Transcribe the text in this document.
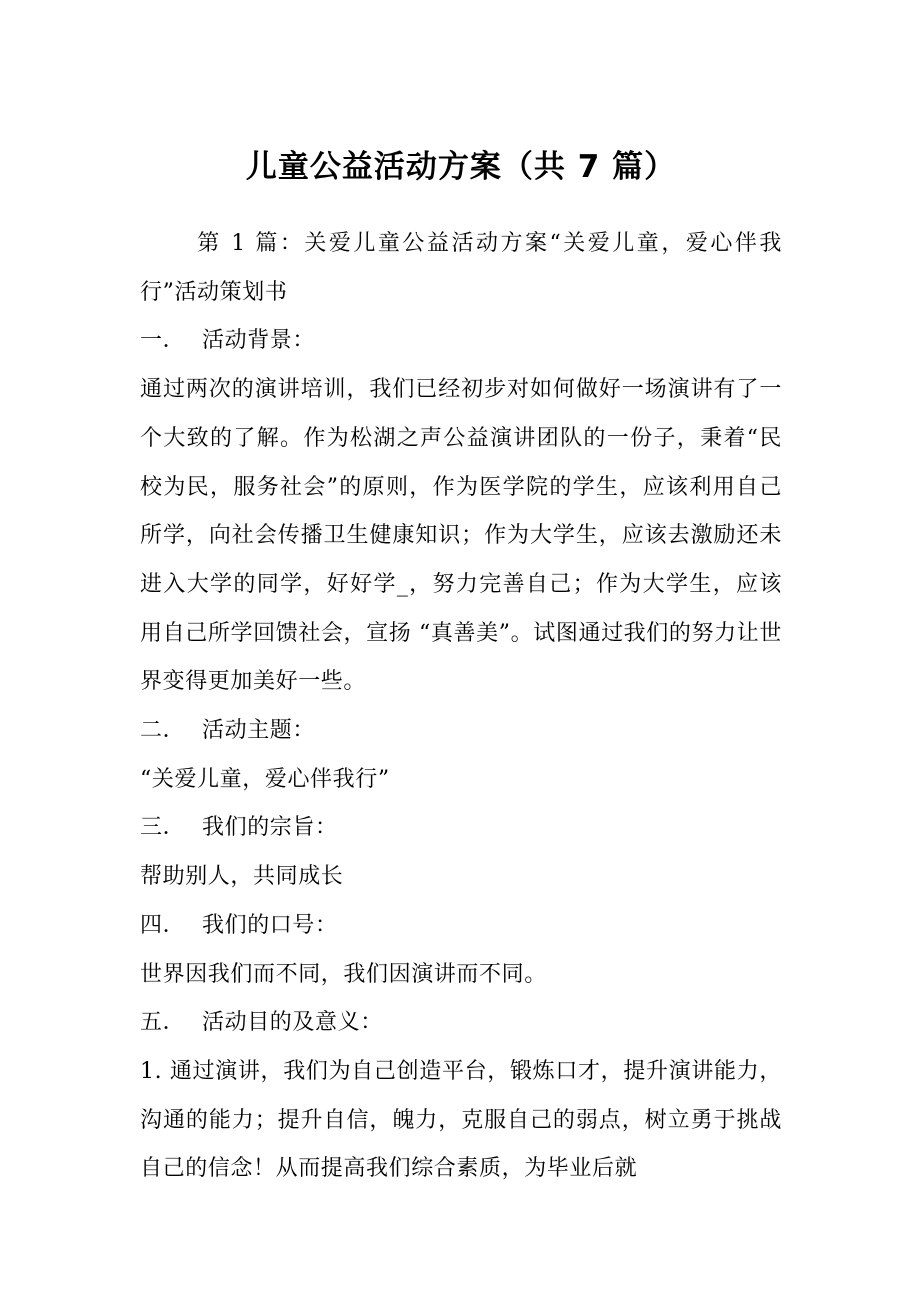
儿童公益活动方案（共 7 篇）

第 1 篇：关爱儿童公益活动方案“关爱儿童，爱心伴我行”活动策划书

一． 活动背景：

通过两次的演讲培训，我们已经初步对如何做好一场演讲有了一个大致的了解。作为松湖之声公益演讲团队的一份子，秉着“民校为民，服务社会”的原则，作为医学院的学生，应该利用自己所学，向社会传播卫生健康知识；作为大学生，应该去激励还未进入大学的同学，好好学_，努力完善自己；作为大学生，应该用自己所学回馈社会，宣扬 “真善美”。试图通过我们的努力让世界变得更加美好一些。

二． 活动主题：

“关爱儿童，爱心伴我行”

三． 我们的宗旨：

帮助别人，共同成长

四． 我们的口号：

世界因我们而不同，我们因演讲而不同。

五． 活动目的及意义：

1. 通过演讲，我们为自己创造平台，锻炼口才，提升演讲能力，沟通的能力；提升自信，魄力，克服自己的弱点，树立勇于挑战自己的信念！从而提高我们综合素质，为毕业后就
